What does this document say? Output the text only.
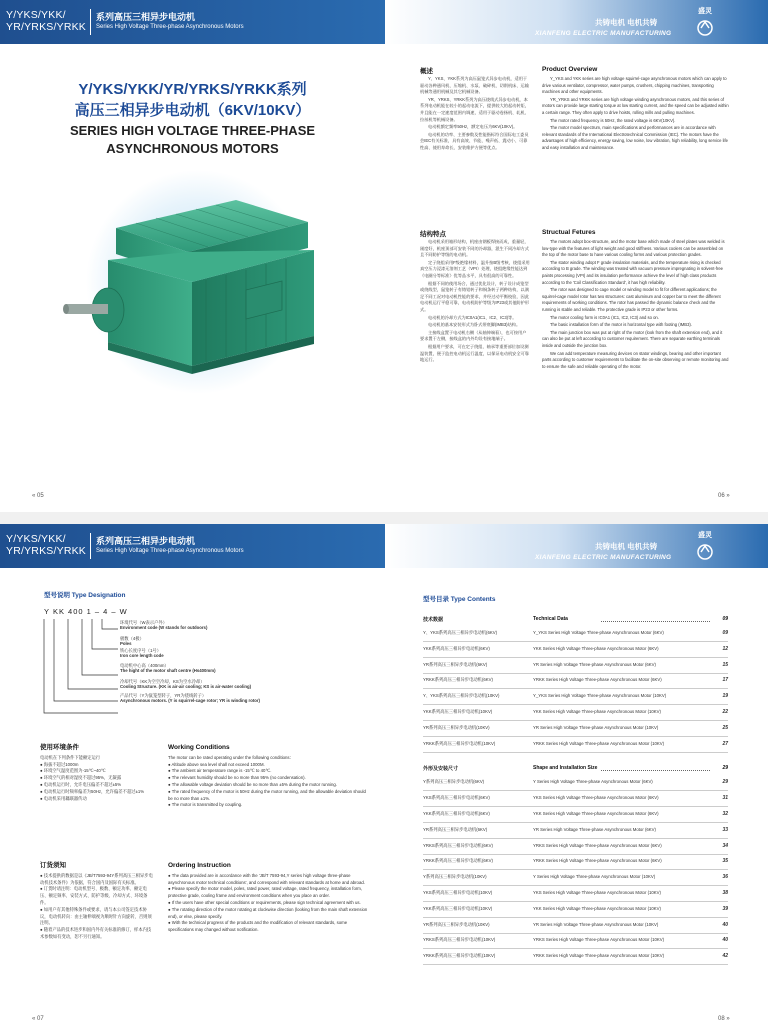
Y/YKS/YKK/
YR/YRKS/YRKK
系列高压三相异步电动机
Series High Voltage Three-phase Asynchronous Motors	共铸电机 电机共铸
XIANFENG ELECTRIC MANUFACTURING
盛灵
Y/YKS/YKK/YR/YRKS/YRKK系列
高压三相异步电动机（6KV/10KV）
SERIES HIGH VOLTAGE THREE-PHASE
ASYNCHRONOUS MOTORS
« 05	06 »
概述

Y、YKS、YKK系列为高压鼠笼式异步电动机，适用于驱动各种通风机、压缩机、水泵、破碎机、切削机床、运输机械等通用机械及其它机械设备。

YR、YRKS、YRKK系列为高压绕线式异步电动机，本系列电动机能在较小的起动电流下，提供较大的起动转矩，并且能在一定速度范围内调速，适用于驱动卷扬机、轧机、拉丝机等机械设备。

电动机额定频率50Hz，额定电压为6KV(10KV)。

电动机的功率、主要参数及性能指标符合国际电工委员会IEC有关标准，具有高效、节能、噪声低、震动小、可靠性高、使用寿命长、安装维护方便等优点。

结构特点

电动机采用箱形结构，机座由钢板焊接而成，重量轻，刚度好，机座顶部可安装不同的冷却器，派生不同冷却方式且不同防护等级的电动机。

定子绕组采用F级绝缘材料，温升按B级考核，绕组采用真空压力浸漆无溶剂工艺（VPI）处理，绕组绝缘性能达到《电圈分等标准》优等品水平，具有很高的可靠性。

根据不同的使用场合，通过优化设计，转子设计成笼型或绕线型，鼠笼转子有铸铝转子和铜条转子两种结构，以满足不同工况对电动机性能的要求，并经过动平衡校验，因此电动机运行平稳可靠，电动机防护等级为IP23或其他防护形式。

电动机的冷却方式为IC0A1(IC1、IC2、IC3)等。

电动机的基本安装形式为卧式带底脚(IMB3)结构。

主接线盒置于电动机右侧（从轴伸端看），也可按用户要求置于左侧，接线盒的内外均设有接地端子。

根据用户要求，可在定子绕组、轴承等重要部位加设测温装置，便于监控电动机运行温度，以保证电动机安全可靠地运行。

Product Overview

Y_YKS and YKK series are high voltage squirrel-cage asynchronous motors which can apply to drive various ventilator, compressor, water pumps, crushers, chipping machines, transporting machines and other equipments.

YR_YRKS and YRKK series are high voltage winding asynchronous motors, and this series of motors can provide large starting torque at low starting current, and the speed can be adjusted within a certain range. They often apply to drive hoists, rolling mills and pulling machines.

The motor rated frequency is 50Hz, the rated voltage is 6KV(10KV).

The motor model spectrum, main specifications and performances are in accordance with relevant standards of the International Electrotechnical Commission (IEC). The motors have the advantages of high efficiency, energy saving, low noise, low vibration, high reliability, long service life and easy installation and maintenance.

Structual Fetures

The motors adopt box-structure, and the motor base which made of steel plates was welded is low-type with the features of light weight and good stiffness. Various coolers can be assembled on the top of the motor base to have various cooling forms and various protection grades.

The stator winding adopt F grade insulation materials, and the temperature rising is checked according to B grade. The winding was treated with vacuum pressure impregnating in solvent-free paints processing (VPI) and its insulation performance achieve the level of high class products according to the 'Coil Classification Standard', it has high reliability.

The rotor was designed to cage model or winding model to fit for different applications; the squirrel-cage model rotor has two structures: cast aluminum and copper bar to meet the different requirements of working conditions. The rotor has passed the dynamic balance check and the running is stable and reliable. The protective grade is IP23 or other forms.

The motor cooling form is IC0A1 (IC1, IC2, IC3) and so on.

The basic installation form of the motor is horizontal type with footing (IMB3).

The main junction box was put at right of the motor (look from the shaft extension end), and it can also be put at left according to customer requirement. There are separate earthing terminals inside and outside the junction box.

We can add temperature measuring devices on stator windings, bearing and other important parts according to customer requirements to facilitate the on-site observing or remote monitoring and to ensure the safe and reliable operating of the motor.

Y/YKS/YKK/
YR/YRKS/YRKK
系列高压三相异步电动机
Series High Voltage Three-phase Asynchronous Motors	共铸电机 电机共铸
XIANFENG ELECTRIC MANUFACTURING
盛灵
型号说明 Type Designation
Y KK 400 1 – 4 – W
环境代号（W表示户外）
Environment code (W stands for outdoors)
极数（4极）
Poles
铁心长度序号（1号）
Iron core length code
电动机中心高（400mm）
The hight of the motor shaft centre (Hs400mm)
冷却代号（KK为空空冷却，KS为空水冷却）
Cooling Structure. (KK is air-air cooling; KS is air-water cooling)
产品代号（Y为鼠笼型转子，YR为绕线转子）
Asynchronous motors. (Y is squirrel-cage rotor; YR is winding rotor)
使用环境条件
电动机在下列条件下能额定运行
● 海拔不超过1000m
● 环境空气温度范围为-15℃~40℃
● 环境空气的相对湿度不超过95%，无凝露
● 电动机运行时，允许电压偏差不超过±5%
● 电动机运行时频率偏差为50Hz，允许偏差不超过±1%
● 电动机采用耦联器传动
订货须知
● 技术提供的数据是以《JB/T7593-94Y系列高压三相异步电动机技术条件》为依据，符合国内及国际有关标准。
● 订货时请注明：电动机型号、极数、额定功率、额定电压、额定频率、安装方式、防护等级、冷却方式、环境条件。
● 如用户有其他特殊条件或要求，请与本公司签定技术协议，电动机转向：由主轴伸端视为顺时针方向旋转，否则须注明。
● 随着产品的技术进步和国内外有关标准的修订，样本内技术参数如有变动，恕不另行通知。
Working Conditions
The motor can be rated operating under the following conditions:
● Altitude above sea level shall not exceed 1000M.
● The ambient air temperature range is -15℃ to 40℃.
● The relevant humidity should be no more than 95% (no condensation).
● The allowable voltage deviation should be no more than ±5% during the motor running.
● The rated frequency of the motor is 50Hz during the motor running, and the allowable deviation should be no more than ±1%.
● The motor is transmitted by coupling.
Ordering Instruction
● The data provided are in accordance with the 'JB/T 7593-94,Y series high voltage three-phase asynchronous motor technical conditions', and correspond with relevant standards at home and abroad.
● Please specify the motor model, poles, rated power, rated voltage, rated frequency, installation form, protective grade, cooling frame and environment conditions when you place an order.
● If the users have other special conditions or requirements, please sign technical agreement with us.
● The rotating direction of the motor rotating at clockwise direction (looking from the main shaft extension end), or else, please specify.
● With the technical progress of the products and the modification of relevant standards, some specifications may changed without notification.
型号目录 Type Contents
技术数据	Technical Data	09
Y、YKS系列高压三相异步电动机(6KV)	Y_YKS Series High Voltage Three-phase Asynchronous Motor (6KV)	09
YKK系列高压三相异步电动机(6KV)	YKK Series High Voltage Three-phase Asynchronous Motor (6KV)	12
YR系列高压三相异步电动机(6KV)	YR Series High Voltage Three-phase Asynchronous Motor (6KV)	15
YRKK系列高压三相异步电动机(6KV)	YRKK Series High Voltage Three-phase Asynchronous Motor (6KV)	17
Y、YKS系列高压三相异步电动机(10KV)	Y_YKS Series High Voltage Three-phase Asynchronous Motor (10KV)	19
YKK系列高压三相异步电动机(10KV)	YKK Series High Voltage Three-phase Asynchronous Motor (10KV)	22
YR系列高压三相异步电动机(10KV)	YR Series High Voltage Three-phase Asynchronous Motor (10KV)	25
YRKK系列高压三相异步电动机(10KV)	YRKK Series High Voltage Three-phase Asynchronous Motor (10KV)	27
外形及安装尺寸	Shape and Installation Size	29
Y系列高压三相异步电动机(6KV)	Y Series High Voltage Three-phase Asynchronous Motor (6KV)	29
YKS系列高压三相异步电动机(6KV)	YKS Series High Voltage Three-phase Asynchronous Motor (6KV)	31
YKK系列高压三相异步电动机(6KV)	YKK Series High Voltage Three-phase Asynchronous Motor (6KV)	32
YR系列高压三相异步电动机(6KV)	YR Series High Voltage Three-phase Asynchronous Motor (6KV)	33
YRKS系列高压三相异步电动机(6KV)	YRKS Series High Voltage Three-phase Asynchronous Motor (6KV)	34
YRKK系列高压三相异步电动机(6KV)	YRKK Series High Voltage Three-phase Asynchronous Motor (6KV)	35
Y系列高压三相异步电动机(10KV)	Y Series High Voltage Three-phase Asynchronous Motor (10KV)	36
YKS系列高压三相异步电动机(10KV)	YKS Series High Voltage Three-phase Asynchronous Motor (10KV)	38
YKK系列高压三相异步电动机(10KV)	YKK Series High Voltage Three-phase Asynchronous Motor (10KV)	39
YR系列高压三相异步电动机(10KV)	YR Series High Voltage Three-phase Asynchronous Motor (10KV)	40
YRKS系列高压三相异步电动机(10KV)	YRKS Series High Voltage Three-phase Asynchronous Motor (10KV)	40
YRKK系列高压三相异步电动机(10KV)	YRKK Series High Voltage Three-phase Asynchronous Motor (10KV)	42
« 07	08 »
